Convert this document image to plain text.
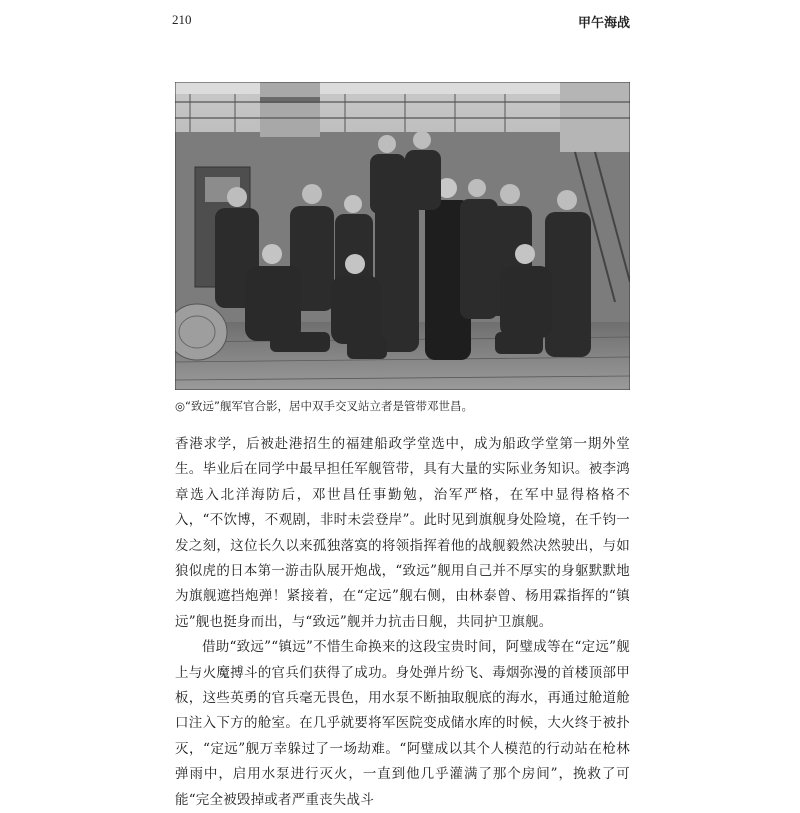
210	甲午海战
◎“致远”舰军官合影，居中双手交叉站立者是管带邓世昌。

香港求学，后被赴港招生的福建船政学堂选中，成为船政学堂第一期外堂生。毕业后在同学中最早担任军舰管带，具有大量的实际业务知识。被李鸿章选入北洋海防后，邓世昌任事勤勉，治军严格，在军中显得格格不入，“不饮博，不观剧，非时未尝登岸”。此时见到旗舰身处险境，在千钧一发之刻，这位长久以来孤独落寞的将领指挥着他的战舰毅然决然驶出，与如狼似虎的日本第一游击队展开炮战，“致远”舰用自己并不厚实的身躯默默地为旗舰遮挡炮弹！紧接着，在“定远”舰右侧，由林泰曾、杨用霖指挥的“镇远”舰也挺身而出，与“致远”舰并力抗击日舰，共同护卫旗舰。

借助“致远”“镇远”不惜生命换来的这段宝贵时间，阿璧成等在“定远”舰上与火魔搏斗的官兵们获得了成功。身处弹片纷飞、毒烟弥漫的首楼顶部甲板，这些英勇的官兵毫无畏色，用水泵不断抽取舰底的海水，再通过舱道舱口注入下方的舱室。在几乎就要将军医院变成储水库的时候，大火终于被扑灭，“定远”舰万幸躲过了一场劫难。“阿璧成以其个人模范的行动站在枪林弹雨中，启用水泵进行灭火，一直到他几乎灌满了那个房间”，挽救了可能“完全被毁掉或者严重丧失战斗
